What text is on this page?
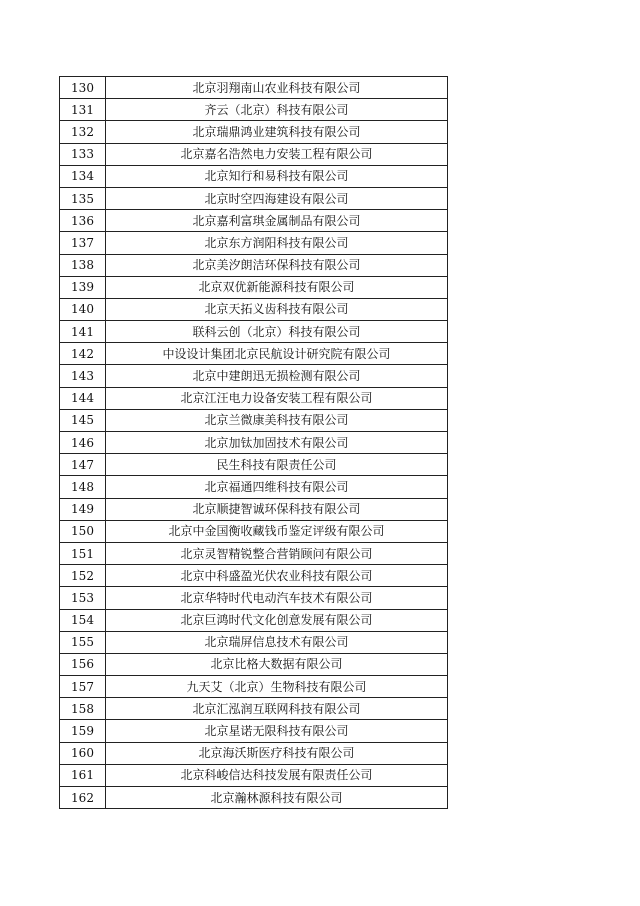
130	北京羽翔南山农业科技有限公司
131	齐云（北京）科技有限公司
132	北京瑞鼎鸿业建筑科技有限公司
133	北京嘉名浩然电力安装工程有限公司
134	北京知行和易科技有限公司
135	北京时空四海建设有限公司
136	北京嘉利富琪金属制品有限公司
137	北京东方润阳科技有限公司
138	北京美汐朗洁环保科技有限公司
139	北京双优新能源科技有限公司
140	北京天拓义齿科技有限公司
141	联科云创（北京）科技有限公司
142	中设设计集团北京民航设计研究院有限公司
143	北京中建朗迅无损检测有限公司
144	北京江汪电力设备安装工程有限公司
145	北京兰微康美科技有限公司
146	北京加钛加固技术有限公司
147	民生科技有限责任公司
148	北京福通四维科技有限公司
149	北京顺捷智诚环保科技有限公司
150	北京中金国衡收藏钱币鉴定评级有限公司
151	北京灵智精锐整合营销顾问有限公司
152	北京中科盛盈光伏农业科技有限公司
153	北京华特时代电动汽车技术有限公司
154	北京巨鸿时代文化创意发展有限公司
155	北京瑞屏信息技术有限公司
156	北京比格大数据有限公司
157	九天艾（北京）生物科技有限公司
158	北京汇泓润互联网科技有限公司
159	北京星诺无限科技有限公司
160	北京海沃斯医疗科技有限公司
161	北京科峻信达科技发展有限责任公司
162	北京瀚林源科技有限公司
